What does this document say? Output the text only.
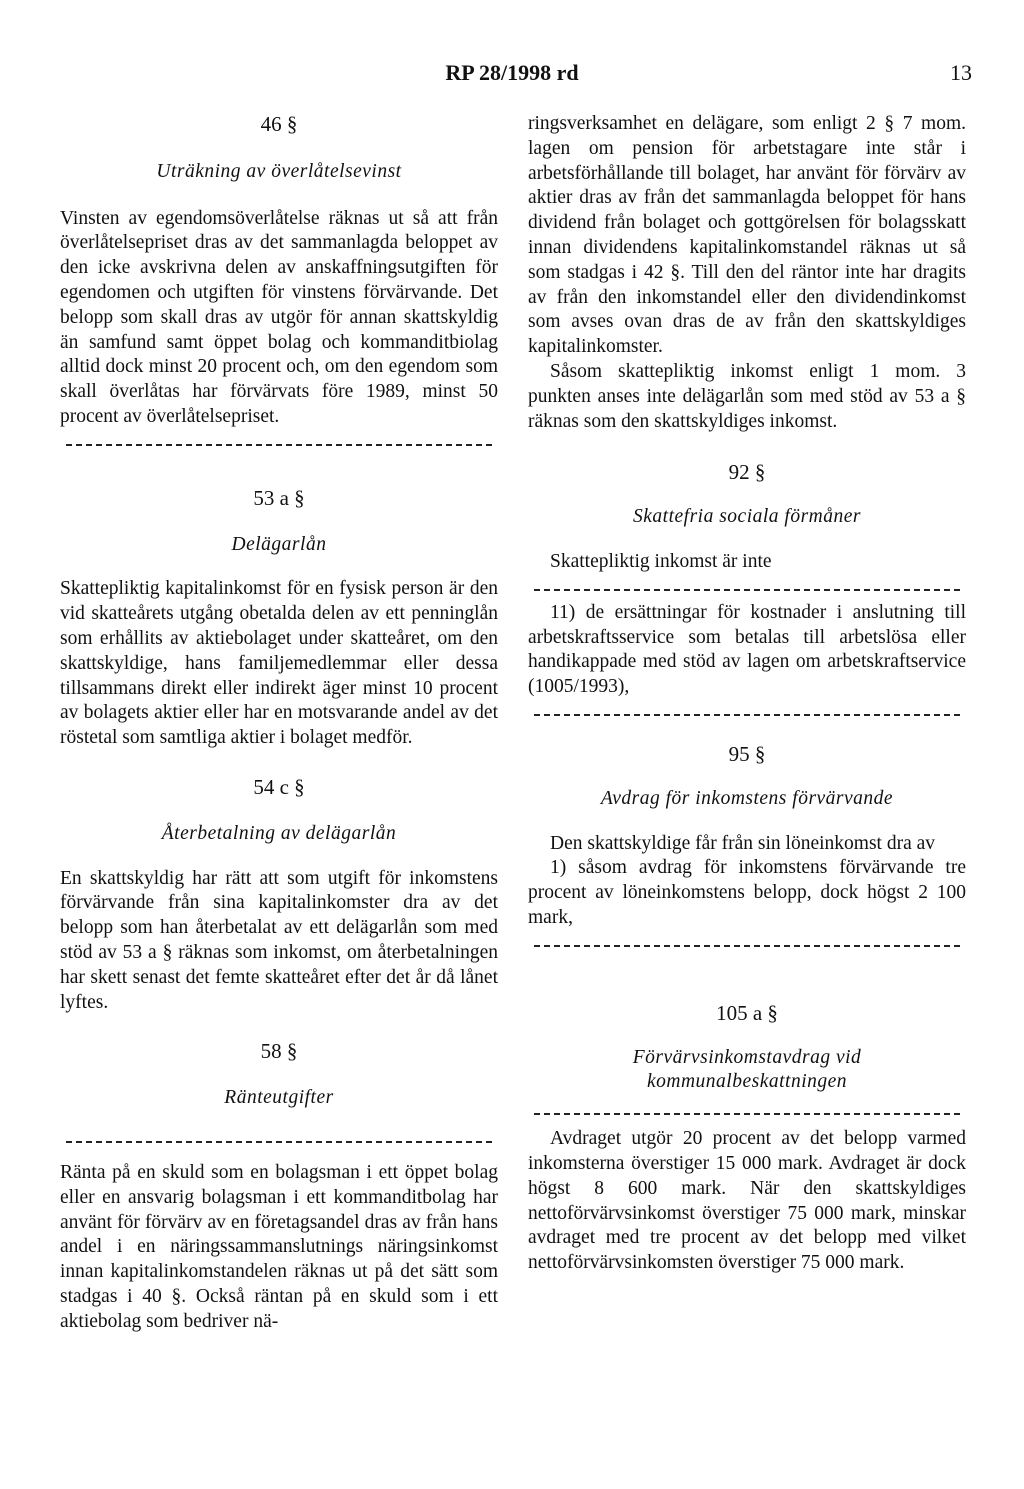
RP 28/1998 rd	13

46 §

Uträkning av överlåtelsevinst

Vinsten av egendomsöverlåtelse räknas ut så att från överlåtelsepriset dras av det sammanlagda beloppet av den icke avskrivna delen av anskaffningsutgiften för egendomen och utgiften för vinstens förvärvande. Det belopp som skall dras av utgör för annan skattskyldig än samfund samt öppet bolag och kommanditbiolag alltid dock minst 20 procent och, om den egendom som skall överlåtas har förvärvats före 1989, minst 50 procent av överlåtelsepriset.

53 a §

Delägarlån

Skattepliktig kapitalinkomst för en fysisk person är den vid skatteårets utgång obetalda delen av ett penninglån som erhållits av aktiebolaget under skatteåret, om den skattskyldige, hans familjemedlemmar eller dessa tillsammans direkt eller indirekt äger minst 10 procent av bolagets aktier eller har en motsvarande andel av det röstetal som samtliga aktier i bolaget medför.

54 c §

Återbetalning av delägarlån

En skattskyldig har rätt att som utgift för inkomstens förvärvande från sina kapitalinkomster dra av det belopp som han återbetalat av ett delägarlån som med stöd av 53 a § räknas som inkomst, om återbetalningen har skett senast det femte skatteåret efter det år då lånet lyftes.

58 §

Ränteutgifter

Ränta på en skuld som en bolagsman i ett öppet bolag eller en ansvarig bolagsman i ett kommanditbolag har använt för förvärv av en företagsandel dras av från hans andel i en näringssammanslutnings näringsinkomst innan kapitalinkomstandelen räknas ut på det sätt som stadgas i 40 §. Också räntan på en skuld som i ett aktiebolag som bedriver nä-

ringsverksamhet en delägare, som enligt 2 § 7 mom. lagen om pension för arbetstagare inte står i arbetsförhållande till bolaget, har använt för förvärv av aktier dras av från det sammanlagda beloppet för hans dividend från bolaget och gottgörelsen för bolagsskatt innan dividendens kapitalinkomstandel räknas ut så som stadgas i 42 §. Till den del räntor inte har dragits av från den inkomstandel eller den dividendinkomst som avses ovan dras de av från den skattskyldiges kapitalinkomster.

Såsom skattepliktig inkomst enligt 1 mom. 3 punkten anses inte delägarlån som med stöd av 53 a § räknas som den skattskyldiges inkomst.

92 §

Skattefria sociala förmåner

Skattepliktig inkomst är inte

11) de ersättningar för kostnader i anslutning till arbetskraftsservice som betalas till arbetslösa eller handikappade med stöd av lagen om arbetskraftservice (1005/1993),

95 §

Avdrag för inkomstens förvärvande

Den skattskyldige får från sin löneinkomst dra av

1) såsom avdrag för inkomstens förvärvande tre procent av löneinkomstens belopp, dock högst 2 100 mark,

105 a §

Förvärvsinkomstavdrag vid kommunalbeskattningen

Avdraget utgör 20 procent av det belopp varmed inkomsterna överstiger 15 000 mark. Avdraget är dock högst 8 600 mark. När den skattskyldiges nettoförvärvsinkomst överstiger 75 000 mark, minskar avdraget med tre procent av det belopp med vilket nettoförvärvsinkomsten överstiger 75 000 mark.
